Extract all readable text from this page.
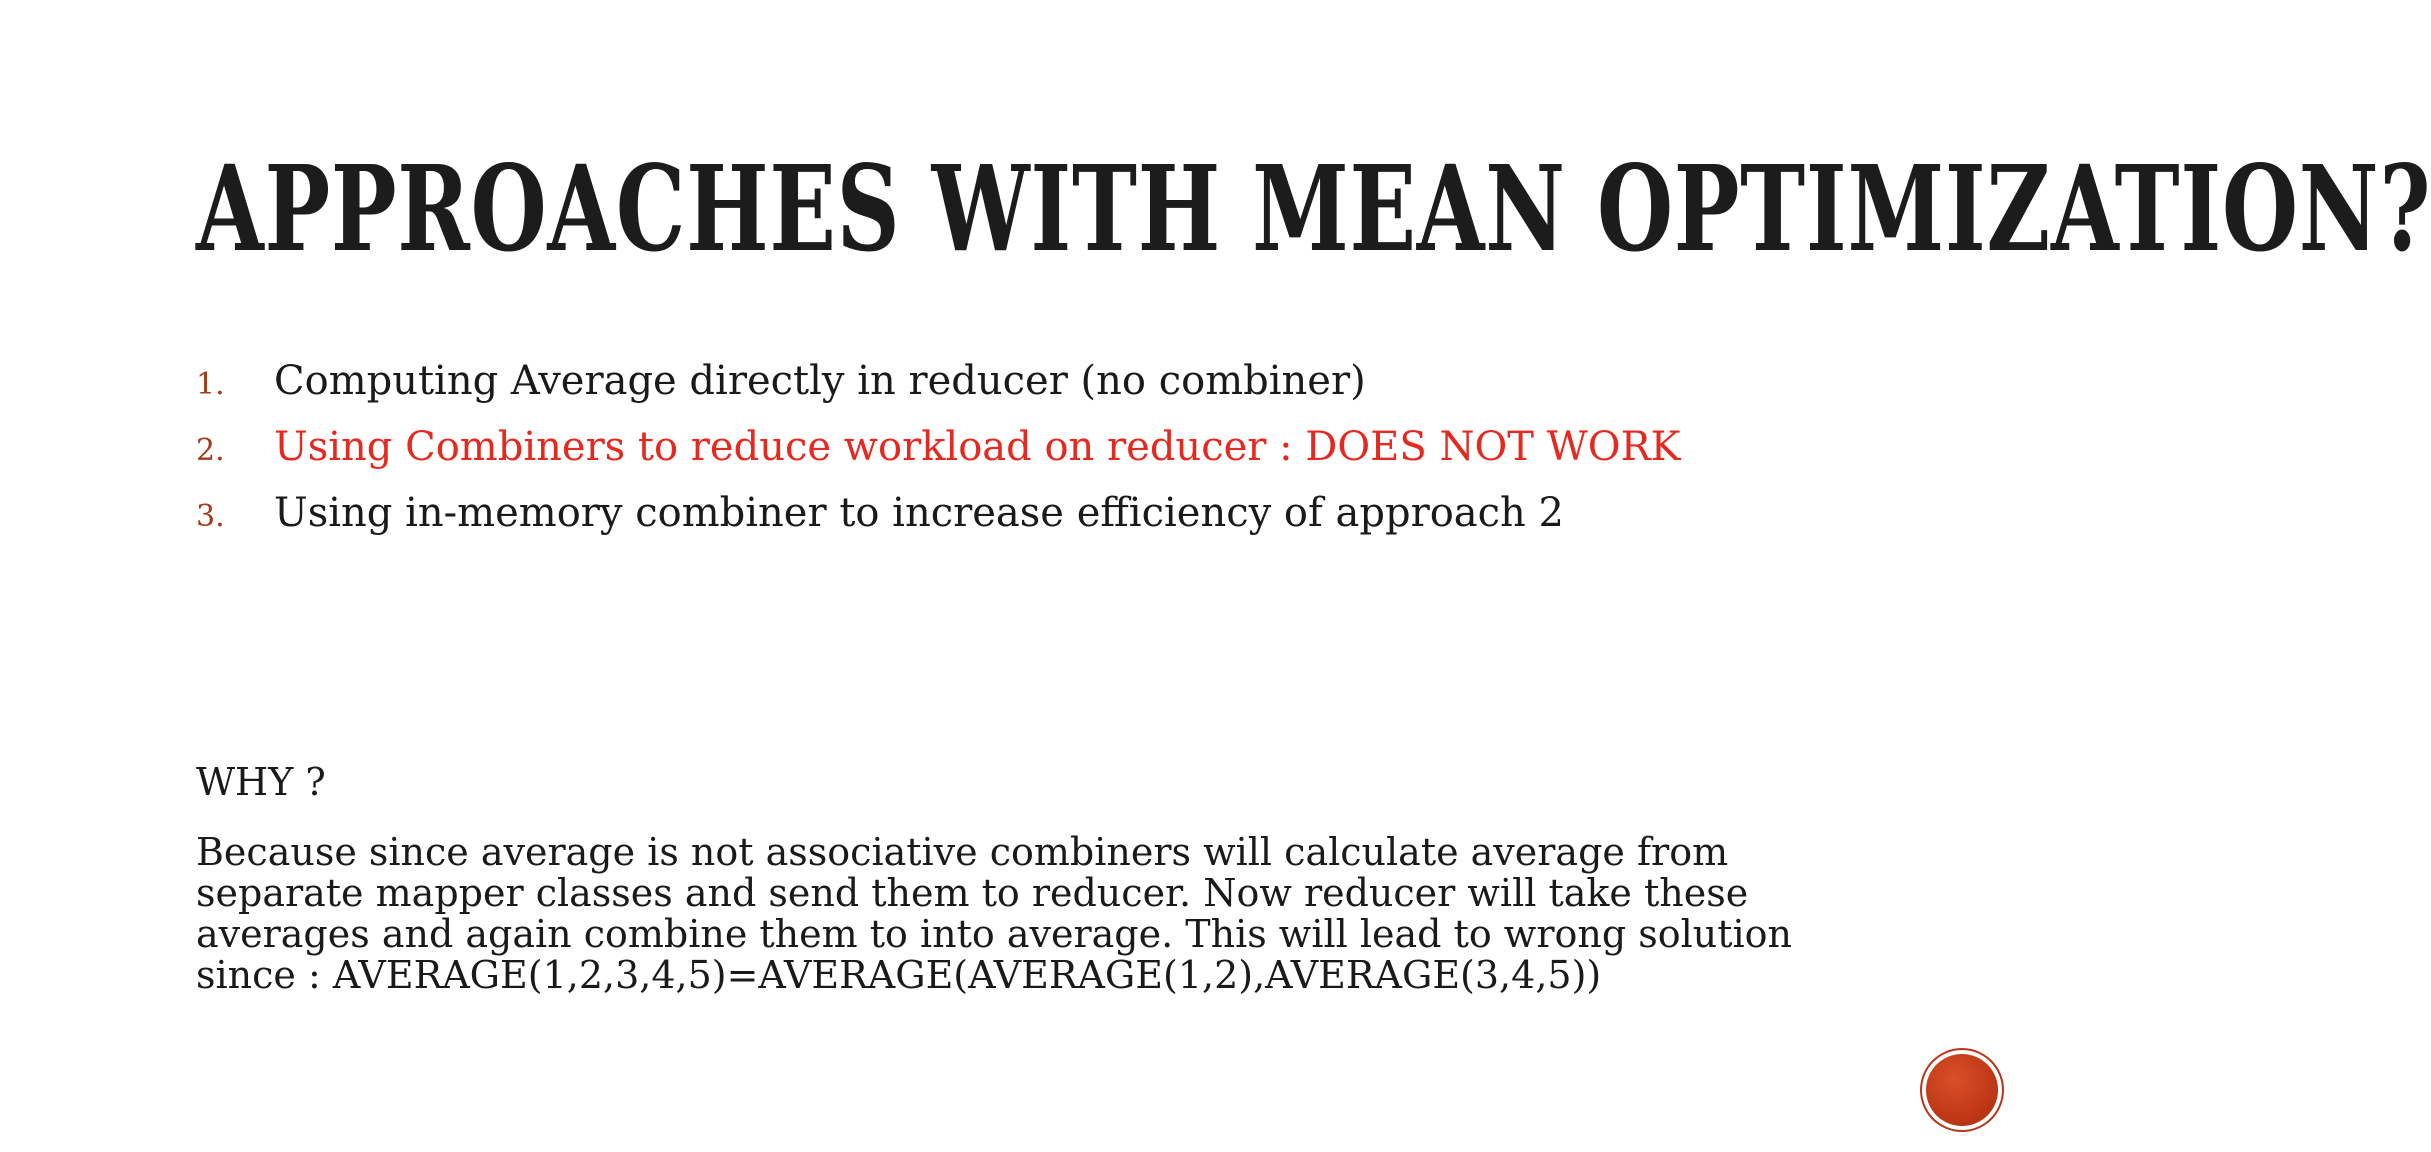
APPROACHES WITH MEAN OPTIMIZATION?
1.	Computing Average directly in reducer (no combiner)
2.	Using Combiners to reduce workload on reducer : DOES NOT WORK
3.	Using in-memory combiner to increase efficiency of approach 2
WHY ?
Because since average is not associative combiners will calculate average from
separate mapper classes and send them to reducer. Now reducer will take these
averages and again combine them to into average. This will lead to wrong solution
since : AVERAGE(1,2,3,4,5)=AVERAGE(AVERAGE(1,2),AVERAGE(3,4,5))
